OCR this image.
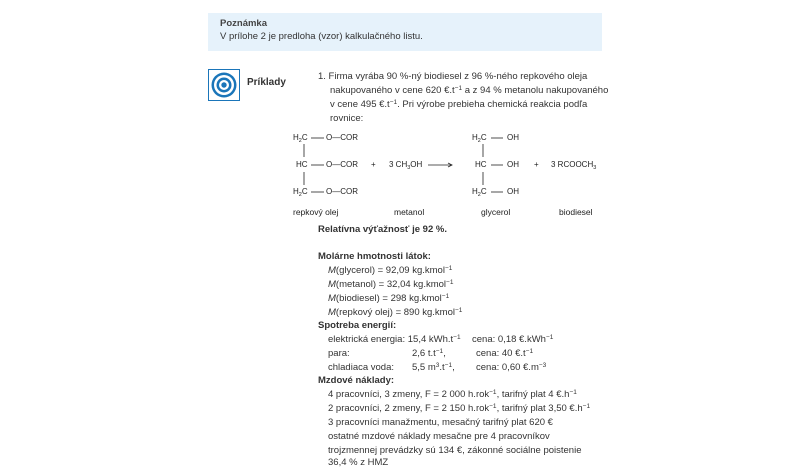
Poznámka
V prílohe 2 je predloha (vzor) kalkulačného listu.
Príklady
1. Firma vyrába 90 %-ný biodiesel z 96 %-ného repkového oleja
nakupovaného v cene 620 $€.t^{-1}$ a z 94 % metanolu nakupovaného
v cene 495 $€.t^{-1}$. Pri výrobe prebieha chemická reakcia podľa
rovnice:
$H_2C$ O—COR
HC O—COR
$H_2C$ O—COR
+ 3 $CH_3OH$
$H_2C$	OH
HC	OH
$H_2C$	OH
+ 3 $RCOOCH_3$
repkový olej	metanol	glycerol	biodiesel
Relatívna výťažnosť je 92 %.
Molárne hmotnosti látok:
M(glycerol) = 92,09 kg.kmol$^{-1}$
M(metanol) = 32,04 kg.kmol$^{-1}$
M(biodiesel) = 298 kg.kmol$^{-1}$
M(repkový olej) = 890 kg.kmol$^{-1}$
Spotreba energií:
elektrická energia: 15,4 $kWh.t^{-1}$ cena: 0,18 €.kWh$^{-1}$
para:	2,6 $t.t^{-1}$,	cena: 40 $€.t^{-1}$
chladiaca voda: 5,5 $m^3.t^{-1}$, cena: 0,60 $€.m^{-3}$
Mzdové náklady:
4 pracovníci, 3 zmeny, F = 2 000 h.rok$^{-1}$, tarifný plat 4 $€.h^{-1}$
2 pracovníci, 2 zmeny, F = 2 150 h.rok$^{-1}$, tarifný plat 3,50 $€.h^{-1}$
3 pracovníci manažmentu, mesačný tarifný plat 620 €
ostatné mzdové náklady mesačne pre 4 pracovníkov
trojzmennej prevádzky sú 134 €, zákonné sociálne poistenie
36,4 % z HMZ
